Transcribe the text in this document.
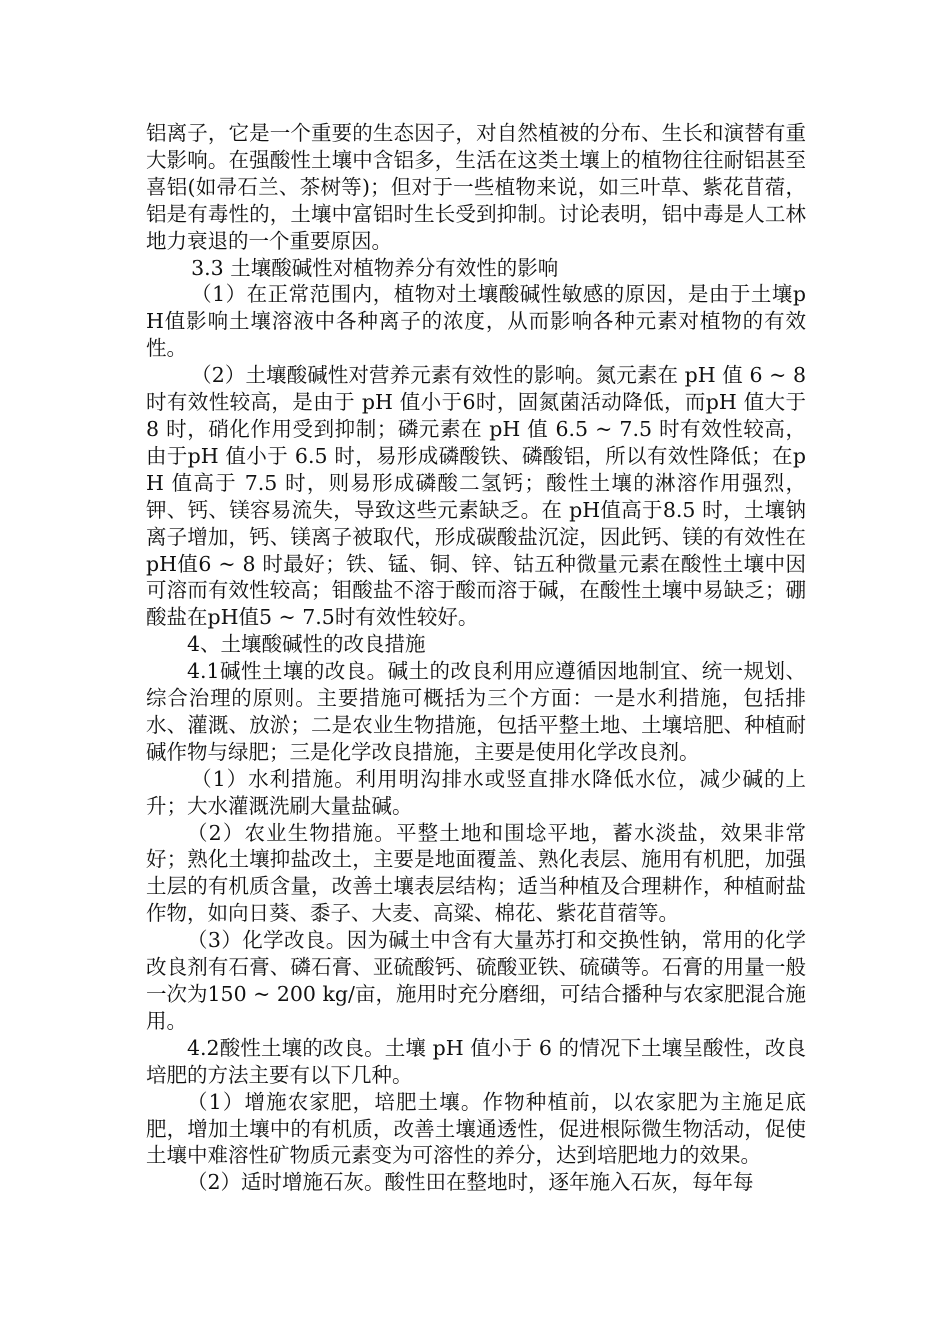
铝离子，它是一个重要的生态因子，对自然植被的分布、生长和演替有重大影响。在强酸性土壤中含铝多，生活在这类土壤上的植物往往耐铝甚至喜铝(如帚石兰、茶树等)；但对于一些植物来说，如三叶草、紫花苜蓿，铝是有毒性的，土壤中富铝时生长受到抑制。讨论表明，铝中毒是人工林地力衰退的一个重要原因。

3.3 土壤酸碱性对植物养分有效性的影响

（1）在正常范围内，植物对土壤酸碱性敏感的原因，是由于土壤pH值影响土壤溶液中各种离子的浓度，从而影响各种元素对植物的有效性。

（2）土壤酸碱性对营养元素有效性的影响。氮元素在 pH 值 6 ~ 8 时有效性较高，是由于 pH 值小于6时，固氮菌活动降低，而pH 值大于8 时，硝化作用受到抑制；磷元素在 pH 值 6.5 ~ 7.5 时有效性较高，由于pH 值小于 6.5 时，易形成磷酸铁、磷酸铝，所以有效性降低；在pH 值高于 7.5 时，则易形成磷酸二氢钙；酸性土壤的淋溶作用强烈，钾、钙、镁容易流失，导致这些元素缺乏。在 pH值高于8.5 时，土壤钠离子增加，钙、镁离子被取代，形成碳酸盐沉淀，因此钙、镁的有效性在 pH值6 ~ 8 时最好；铁、锰、铜、锌、钴五种微量元素在酸性土壤中因可溶而有效性较高；钼酸盐不溶于酸而溶于碱，在酸性土壤中易缺乏；硼酸盐在pH值5 ~ 7.5时有效性较好。

4、土壤酸碱性的改良措施

4.1碱性土壤的改良。碱土的改良利用应遵循因地制宜、统一规划、综合治理的原则。主要措施可概括为三个方面：一是水利措施，包括排水、灌溉、放淤；二是农业生物措施，包括平整土地、土壤培肥、种植耐碱作物与绿肥；三是化学改良措施，主要是使用化学改良剂。

（1）水利措施。利用明沟排水或竖直排水降低水位，减少碱的上升；大水灌溉洗刷大量盐碱。

（2）农业生物措施。平整土地和围埝平地，蓄水淡盐，效果非常好；熟化土壤抑盐改土，主要是地面覆盖、熟化表层、施用有机肥，加强土层的有机质含量，改善土壤表层结构；适当种植及合理耕作，种植耐盐作物，如向日葵、黍子、大麦、高粱、棉花、紫花苜蓿等。

（3）化学改良。因为碱土中含有大量苏打和交换性钠，常用的化学改良剂有石膏、磷石膏、亚硫酸钙、硫酸亚铁、硫磺等。石膏的用量一般一次为150 ~ 200 kg/亩，施用时充分磨细，可结合播种与农家肥混合施用。

4.2酸性土壤的改良。土壤 pH 值小于 6 的情况下土壤呈酸性，改良培肥的方法主要有以下几种。

（1）增施农家肥，培肥土壤。作物种植前，以农家肥为主施足底肥，增加土壤中的有机质，改善土壤通透性，促进根际微生物活动，促使土壤中难溶性矿物质元素变为可溶性的养分，达到培肥地力的效果。

（2）适时增施石灰。酸性田在整地时，逐年施入石灰，每年每
